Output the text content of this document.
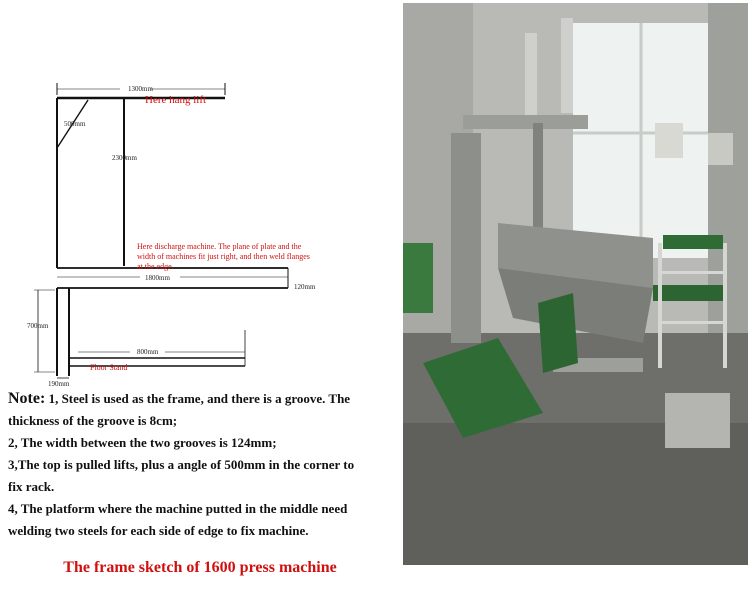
1300mm
Here hang lift
500mm
2300mm
Here discharge machine. The plane of plate and the
width of machines fit just right, and then weld flanges
at the edge.
1800mm
120mm
700mm
800mm
Floor Stand
190mm

Note: 1, Steel is used as the frame, and there is a groove. The

thickness of the groove is 8cm;

2, The width between the two grooves is 124mm;

3,The top is pulled lifts, plus a angle of 500mm in the corner to

fix rack.

4, The platform where the machine putted in the middle need

welding two steels for each side of edge to fix machine.

The frame sketch of 1600 press machine
